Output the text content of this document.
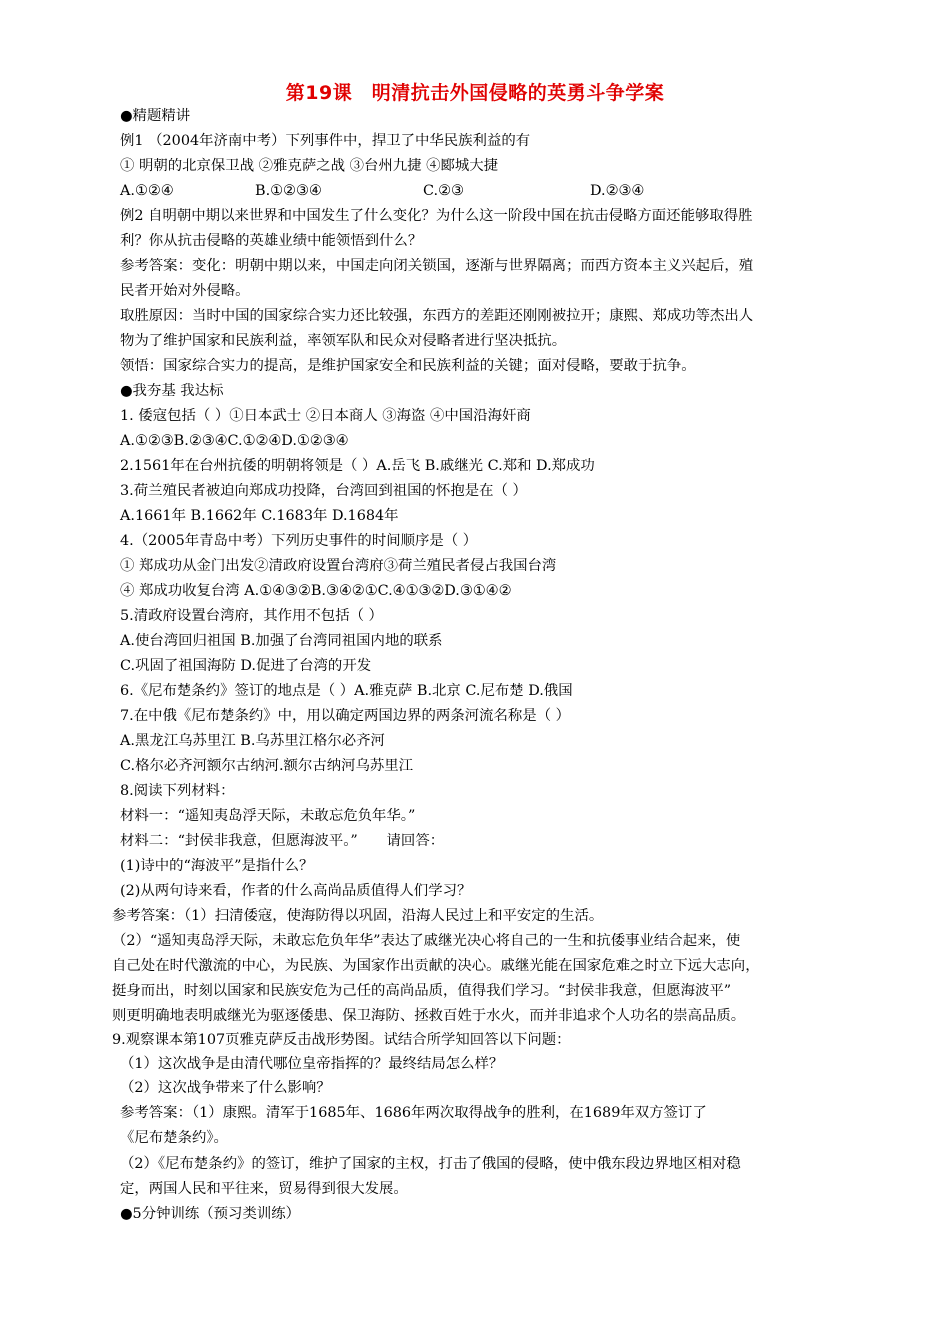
第19课　明清抗击外国侵略的英勇斗争学案
●精题精讲
例1 （2004年济南中考）下列事件中，捍卫了中华民族利益的有
① 明朝的北京保卫战 ②雅克萨之战 ③台州九捷 ④郾城大捷
A.①②④	B.①②③④	C.②③	D.②③④
例2 自明朝中期以来世界和中国发生了什么变化？为什么这一阶段中国在抗击侵略方面还能够取得胜
利？你从抗击侵略的英雄业绩中能领悟到什么？
参考答案：变化：明朝中期以来，中国走向闭关锁国，逐渐与世界隔离；而西方资本主义兴起后，殖
民者开始对外侵略。
取胜原因：当时中国的国家综合实力还比较强，东西方的差距还刚刚被拉开；康熙、郑成功等杰出人
物为了维护国家和民族利益，率领军队和民众对侵略者进行坚决抵抗。
领悟：国家综合实力的提高，是维护国家安全和民族利益的关键；面对侵略，要敢于抗争。
●我夯基 我达标
1. 倭寇包括（ ）①日本武士 ②日本商人 ③海盗 ④中国沿海奸商
A.①②③B.②③④C.①②④D.①②③④
2.1561年在台州抗倭的明朝将领是（ ）A.岳飞 B.戚继光 C.郑和 D.郑成功
3.荷兰殖民者被迫向郑成功投降，台湾回到祖国的怀抱是在（ ）
A.1661年 B.1662年 C.1683年 D.1684年
4.（2005年青岛中考）下列历史事件的时间顺序是（ ）
① 郑成功从金门出发②清政府设置台湾府③荷兰殖民者侵占我国台湾
④ 郑成功收复台湾 A.①④③②B.③④②①C.④①③②D.③①④②
5.清政府设置台湾府，其作用不包括（ ）
A.使台湾回归祖国 B.加强了台湾同祖国内地的联系
C.巩固了祖国海防 D.促进了台湾的开发
6.《尼布楚条约》签订的地点是（ ）A.雅克萨 B.北京 C.尼布楚 D.俄国
7.在中俄《尼布楚条约》中，用以确定两国边界的两条河流名称是（ ）
A.黑龙江乌苏里江 B.乌苏里江格尔必齐河
C.格尔必齐河额尔古纳河.额尔古纳河乌苏里江
8.阅读下列材料：
材料一：“遥知夷岛浮天际，未敢忘危负年华。”
材料二：“封侯非我意，但愿海波平。”　　请回答：
(1)诗中的“海波平”是指什么？
(2)从两句诗来看，作者的什么高尚品质值得人们学习？
参考答案：（1）扫清倭寇，使海防得以巩固，沿海人民过上和平安定的生活。
（2）“遥知夷岛浮天际，未敢忘危负年华”表达了戚继光决心将自己的一生和抗倭事业结合起来，使
自己处在时代激流的中心，为民族、为国家作出贡献的决心。戚继光能在国家危难之时立下远大志向，
挺身而出，时刻以国家和民族安危为己任的高尚品质，值得我们学习。“封侯非我意，但愿海波平”
则更明确地表明戚继光为驱逐倭患、保卫海防、拯救百姓于水火，而并非追求个人功名的崇高品质。
9.观察课本第107页雅克萨反击战形势图。试结合所学知回答以下问题：
（1）这次战争是由清代哪位皇帝指挥的？最终结局怎么样？
（2）这次战争带来了什么影响？
参考答案：（1）康熙。清军于1685年、1686年两次取得战争的胜利，在1689年双方签订了
《尼布楚条约》。
（2）《尼布楚条约》的签订，维护了国家的主权，打击了俄国的侵略，使中俄东段边界地区相对稳
定，两国人民和平往来，贸易得到很大发展。
●5分钟训练（预习类训练）
